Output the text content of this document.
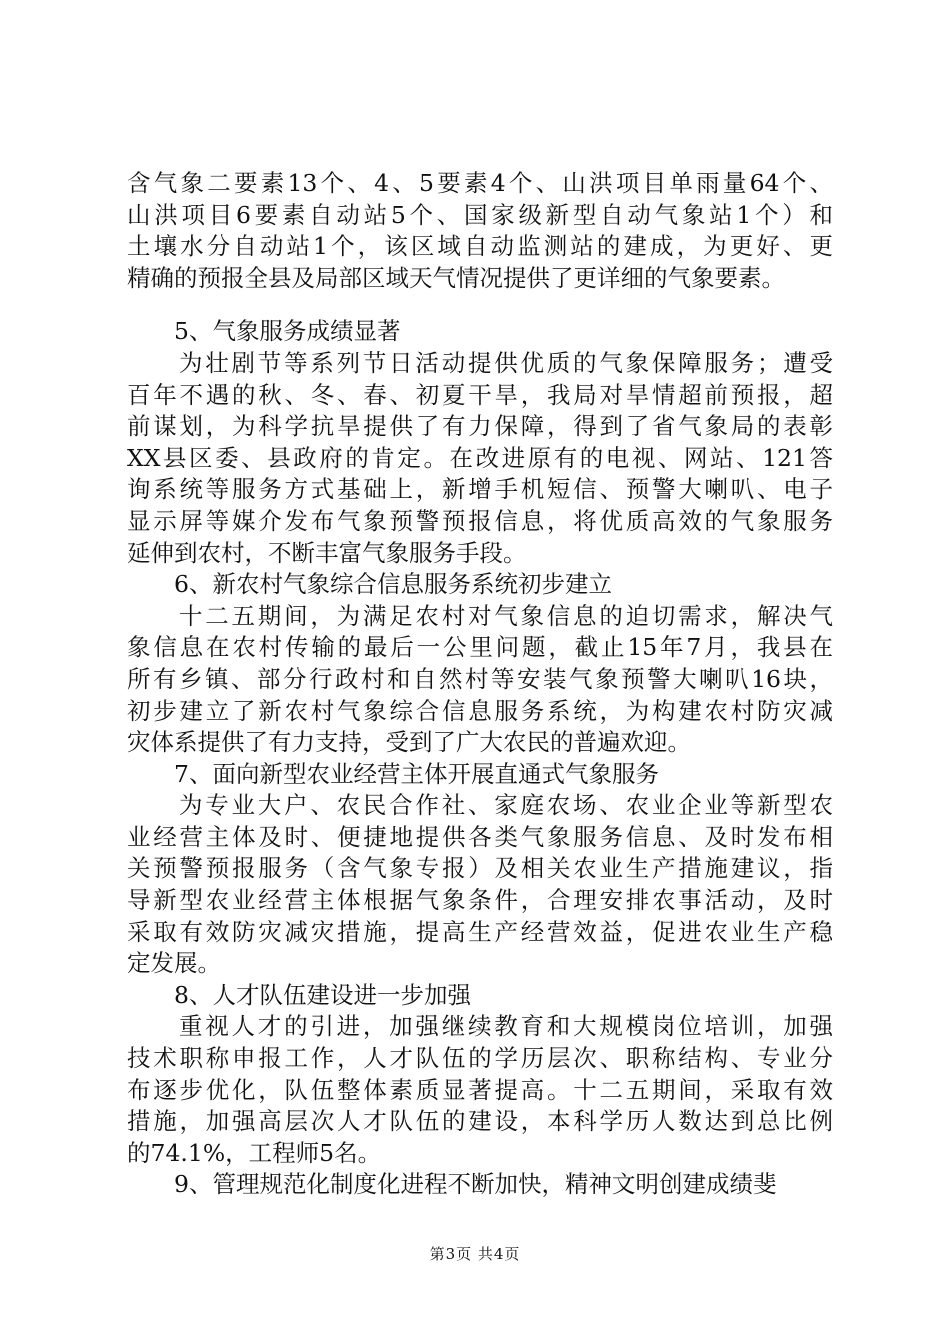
含气象二要素13个、4、5要素4个、山洪项目单雨量64个、
山洪项目6要素自动站5个、国家级新型自动气象站1个）和
土壤水分自动站1个，该区域自动监测站的建成，为更好、更
精确的预报全县及局部区域天气情况提供了更详细的气象要素。
5、气象服务成绩显著
为壮剧节等系列节日活动提供优质的气象保障服务；遭受
百年不遇的秋、冬、春、初夏干旱，我局对旱情超前预报，超
前谋划，为科学抗旱提供了有力保障，得到了省气象局的表彰
XX县区委、县政府的肯定。在改进原有的电视、网站、121答
询系统等服务方式基础上，新增手机短信、预警大喇叭、电子
显示屏等媒介发布气象预警预报信息，将优质高效的气象服务
延伸到农村，不断丰富气象服务手段。
6、新农村气象综合信息服务系统初步建立
十二五期间，为满足农村对气象信息的迫切需求，解决气
象信息在农村传输的最后一公里问题，截止15年7月，我县在
所有乡镇、部分行政村和自然村等安装气象预警大喇叭16块，
初步建立了新农村气象综合信息服务系统，为构建农村防灾减
灾体系提供了有力支持，受到了广大农民的普遍欢迎。
7、面向新型农业经营主体开展直通式气象服务
为专业大户、农民合作社、家庭农场、农业企业等新型农
业经营主体及时、便捷地提供各类气象服务信息、及时发布相
关预警预报服务（含气象专报）及相关农业生产措施建议，指
导新型农业经营主体根据气象条件，合理安排农事活动，及时
采取有效防灾减灾措施，提高生产经营效益，促进农业生产稳
定发展。
8、人才队伍建设进一步加强
重视人才的引进，加强继续教育和大规模岗位培训，加强
技术职称申报工作，人才队伍的学历层次、职称结构、专业分
布逐步优化，队伍整体素质显著提高。十二五期间，采取有效
措施，加强高层次人才队伍的建设，本科学历人数达到总比例
的74.1%，工程师5名。
9、管理规范化制度化进程不断加快，精神文明创建成绩斐
第3页 共4页
